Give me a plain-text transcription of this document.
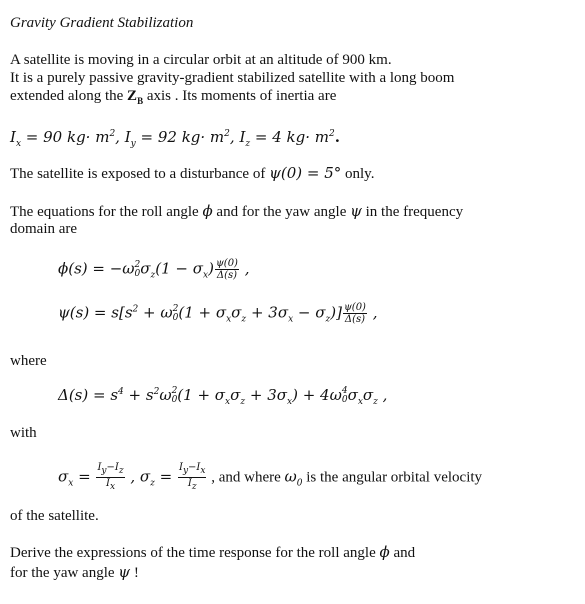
Gravity Gradient Stabilization
A satellite is moving in a circular orbit at an altitude of 900 km.
It is a purely passive gravity-gradient stabilized satellite with a long boom
extended along the $Z_B$ axis . Its moments of inertia are
$I_x = 90$ $kg\cdot m^2$, $I_y = 92$ $kg\cdot m^2$, $I_z = 4$ $kg\cdot m^2$.
The satellite is exposed to a disturbance of ψ(0) = 5° only.
The equations for the roll angle ϕ and for the yaw angle ψ in the frequency
domain are
ϕ(s) = −ω 2
0 $\sigma_z(1 - \sigma_x) \frac{\psi(0)}{\Delta(s)}$ ,
$\psi(s) = s[s^2 + \omega$ 2
0 $(1 + \sigma_x\sigma_z + 3\sigma_x - \sigma_z)] \frac{\psi(0)}{\Delta(s)}$ ,
where
$\Delta(s) = s^4 + s^2\omega$ 2
0 $(1 + \sigma_x\sigma_z + 3\sigma_x) + 4\omega$ 4
0 $\sigma_x\sigma_z$ ,
with
$\sigma_x = \frac{I_y-I_z}{I_x}$ , $\sigma_z = \frac{I_y-I_x}{I_z}$ , and where $\omega_0$ is the angular orbital velocity
of the satellite.
Derive the expressions of the time response for the roll angle ϕ and
for the yaw angle ψ !
